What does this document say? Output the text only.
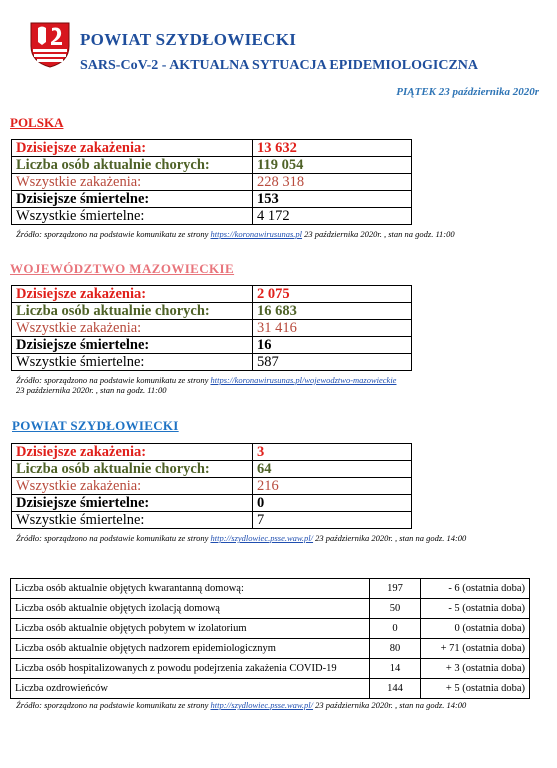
POWIAT SZYDŁOWIECKI
SARS-CoV-2 - AKTUALNA SYTUACJA EPIDEMIOLOGICZNA
PIĄTEK 23 października 2020r
POLSKA
Dzisiejsze zakażenia:	13 632
Liczba osób aktualnie chorych:	119 054
Wszystkie zakażenia:	228 318
Dzisiejsze śmiertelne:	153
Wszystkie śmiertelne:	4 172
Źródło: sporządzono na podstawie komunikatu ze strony https://koronawirusunas.pl 23 października 2020r. , stan na godz. 11:00
WOJEWÓDZTWO MAZOWIECKIE
Dzisiejsze zakażenia:	2 075
Liczba osób aktualnie chorych:	16 683
Wszystkie zakażenia:	31 416
Dzisiejsze śmiertelne:	16
Wszystkie śmiertelne:	587
Źródło: sporządzono na podstawie komunikatu ze strony https://koronawirusunas.pl/wojewodztwo-mazowieckie
23 października 2020r. , stan na godz. 11:00
POWIAT SZYDŁOWIECKI
Dzisiejsze zakażenia:	3
Liczba osób aktualnie chorych:	64
Wszystkie zakażenia:	216
Dzisiejsze śmiertelne:	0
Wszystkie śmiertelne:	7
Źródło: sporządzono na podstawie komunikatu ze strony http://szydlowiec.psse.waw.pl/ 23 października 2020r. , stan na godz. 14:00
Liczba osób aktualnie objętych kwarantanną domową:	197	- 6 (ostatnia doba)
Liczba osób aktualnie objętych izolacją domową	50	- 5 (ostatnia doba)
Liczba osób aktualnie objętych pobytem w izolatorium	0	0 (ostatnia doba)
Liczba osób aktualnie objętych nadzorem epidemiologicznym	80	+ 71 (ostatnia doba)
Liczba osób hospitalizowanych z powodu podejrzenia zakażenia COVID-19	14	+ 3 (ostatnia doba)
Liczba ozdrowieńców	144	+ 5 (ostatnia doba)
Źródło: sporządzono na podstawie komunikatu ze strony http://szydlowiec.psse.waw.pl/ 23 października 2020r. , stan na godz. 14:00
